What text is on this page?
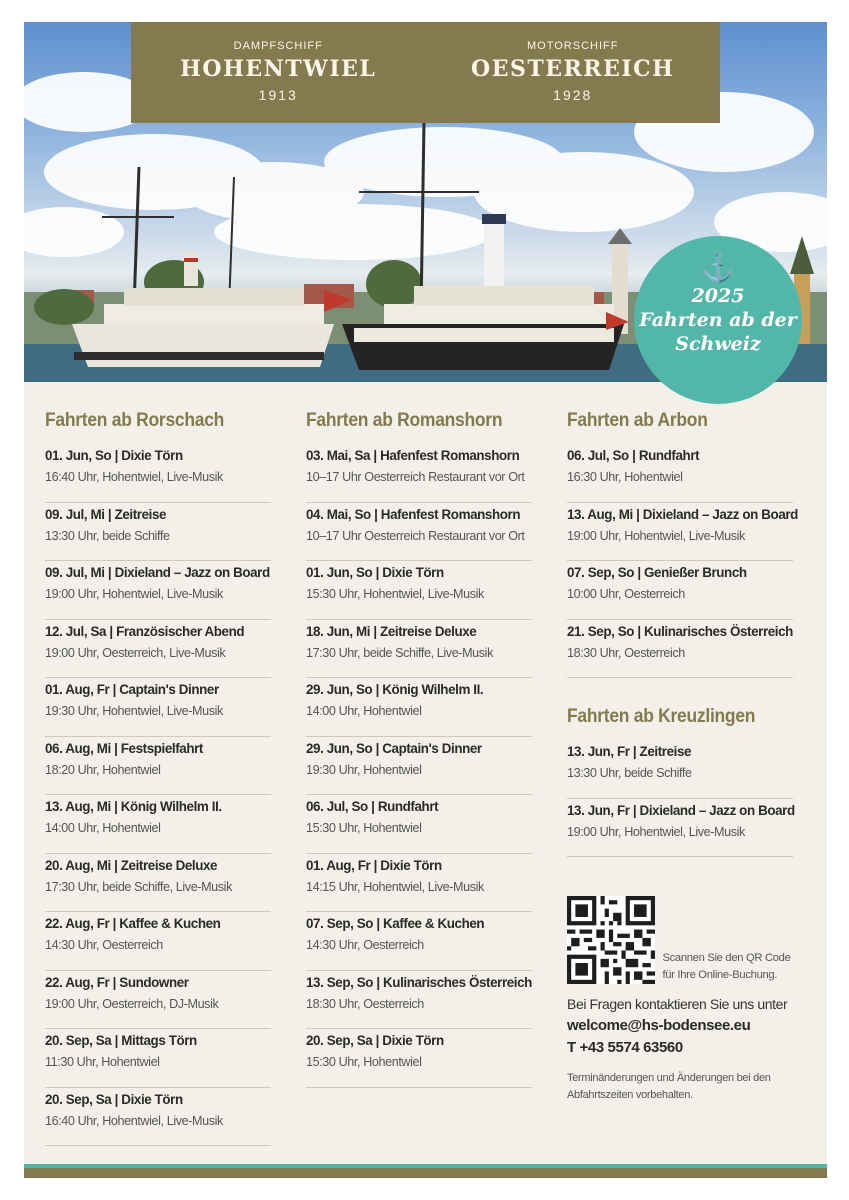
DAMPFSCHIFF
HOHENTWIEL
1913
MOTORSCHIFF
OESTERREICH
1928
⚓
2025
Fahrten ab der
Schweiz
Fahrten ab Rorschach
01. Jun, So | Dixie Törn
16:40 Uhr, Hohentwiel, Live-Musik
09. Jul, Mi | Zeitreise
13:30 Uhr, beide Schiffe
09. Jul, Mi | Dixieland – Jazz on Board
19:00 Uhr, Hohentwiel, Live-Musik
12. Jul, Sa | Französischer Abend
19:00 Uhr, Oesterreich, Live-Musik
01. Aug, Fr | Captain's Dinner
19:30 Uhr, Hohentwiel, Live-Musik
06. Aug, Mi | Festspielfahrt
18:20 Uhr, Hohentwiel
13. Aug, Mi | König Wilhelm II.
14:00 Uhr, Hohentwiel
20. Aug, Mi | Zeitreise Deluxe
17:30 Uhr, beide Schiffe, Live-Musik
22. Aug, Fr | Kaffee & Kuchen
14:30 Uhr, Oesterreich
22. Aug, Fr | Sundowner
19:00 Uhr, Oesterreich, DJ-Musik
20. Sep, Sa | Mittags Törn
11:30 Uhr, Hohentwiel
20. Sep, Sa | Dixie Törn
16:40 Uhr, Hohentwiel, Live-Musik
Fahrten ab Romanshorn
03. Mai, Sa | Hafenfest Romanshorn
10–17 Uhr Oesterreich Restaurant vor Ort
04. Mai, So | Hafenfest Romanshorn
10–17 Uhr Oesterreich Restaurant vor Ort
01. Jun, So | Dixie Törn
15:30 Uhr, Hohentwiel, Live-Musik
18. Jun, Mi | Zeitreise Deluxe
17:30 Uhr, beide Schiffe, Live-Musik
29. Jun, So | König Wilhelm II.
14:00 Uhr, Hohentwiel
29. Jun, So | Captain's Dinner
19:30 Uhr, Hohentwiel
06. Jul, So | Rundfahrt
15:30 Uhr, Hohentwiel
01. Aug, Fr | Dixie Törn
14:15 Uhr, Hohentwiel, Live-Musik
07. Sep, So | Kaffee & Kuchen
14:30 Uhr, Oesterreich
13. Sep, So | Kulinarisches Österreich
18:30 Uhr, Oesterreich
20. Sep, Sa | Dixie Törn
15:30 Uhr, Hohentwiel
Fahrten ab Arbon
06. Jul, So | Rundfahrt
16:30 Uhr, Hohentwiel
13. Aug, Mi | Dixieland – Jazz on Board
19:00 Uhr, Hohentwiel, Live-Musik
07. Sep, So | Genießer Brunch
10:00 Uhr, Oesterreich
21. Sep, So | Kulinarisches Österreich
18:30 Uhr, Oesterreich
Fahrten ab Kreuzlingen
13. Jun, Fr | Zeitreise
13:30 Uhr, beide Schiffe
13. Jun, Fr | Dixieland – Jazz on Board
19:00 Uhr, Hohentwiel, Live-Musik
Scannen Sie den QR Code
für Ihre Online-Buchung.
Bei Fragen kontaktieren Sie uns unter
welcome@hs-bodensee.eu
T +43 5574 63560
Terminänderungen und Änderungen bei den
Abfahrtszeiten vorbehalten.
